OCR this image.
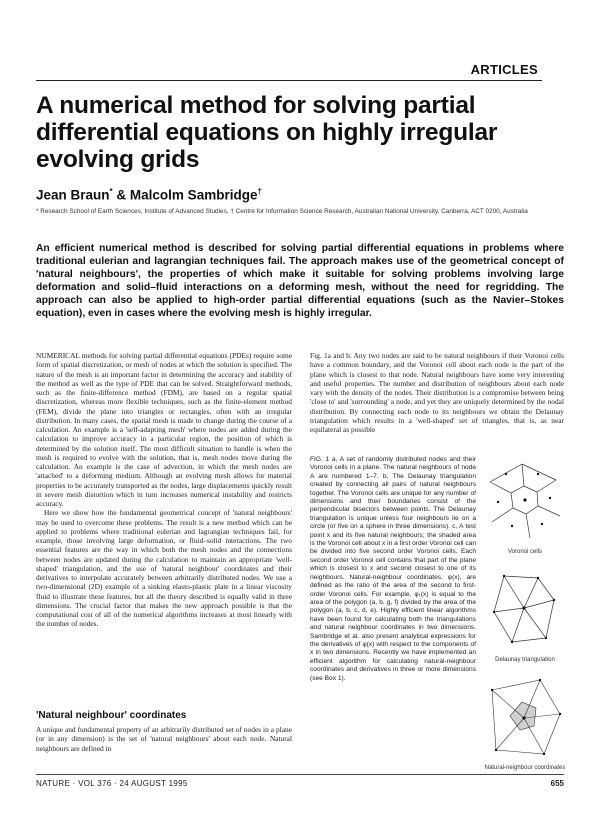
ARTICLES
A numerical method for solving partial differential equations on highly irregular evolving grids
Jean Braun* & Malcolm Sambridge†
* Research School of Earth Sciences, Institute of Advanced Studies, † Centre for Information Science Research, Australian National University, Canberra, ACT 0200, Australia

An efficient numerical method is described for solving partial differential equations in problems where traditional eulerian and lagrangian techniques fail. The approach makes use of the geometrical concept of 'natural neighbours', the properties of which make it suitable for solving problems involving large deformation and solid–fluid interactions on a deforming mesh, without the need for regridding. The approach can also be applied to high-order partial differential equations (such as the Navier–Stokes equation), even in cases where the evolving mesh is highly irregular.

NUMERICAL methods for solving partial differential equations (PDEs) require some form of spatial discretization, or mesh of nodes at which the solution is specified. The nature of the mesh is an important factor in determining the accuracy and stability of the method as well as the type of PDE that can be solved. Straightforward methods, such as the finite-difference method (FDM), are based on a regular spatial discretization, whereas more flexible techniques, such as the finite-element method (FEM), divide the plane into triangles or rectangles, often with an irregular distribution. In many cases, the spatial mesh is made to change during the course of a calculation. An example is a 'self-adapting mesh' where nodes are added during the calculation to improve accuracy in a particular region, the position of which is determined by the solution itself. The most difficult situation to handle is when the mesh is required to evolve with the solution, that is, mesh nodes move during the calculation. An example is the case of advection, in which the mesh nodes are 'attached' to a deforming medium. Although an evolving mesh allows for material properties to be accurately transported as the nodes, large displacements quickly result in severe mesh distortion which in turn increases numerical instability and restricts accuracy.

Here we show how the fundamental geometrical concept of 'natural neighbours' may be used to overcome these problems. The result is a new method which can be applied to problems where traditional eulerian and lagrangian techniques fail, for example, those involving large deformation, or fluid–solid interactions. The two essential features are the way in which both the mesh nodes and the connections between nodes are updated during the calculation to maintain an appropriate 'well-shaped' triangulation, and the use of 'natural neighbour' coordinates and their derivatives to interpolate accurately between arbitrarily distributed nodes. We use a two-dimensional (2D) example of a sinking elasto-plastic plate in a linear viscosity fluid to illustrate these features, but all the theory described is equally valid in three dimensions. The crucial factor that makes the new approach possible is that the computational cost of all of the numerical algorithms increases at most linearly with the number of nodes.

'Natural neighbour' coordinates

A unique and fundamental property of an arbitrarily distributed set of nodes in a plane (or in any dimension) is the set of 'natural neighbours' about each node. Natural neighbours are defined in

Fig. 1a and b. Any two nodes are said to be natural neighbours if their Voronoi cells have a common boundary, and the Voronoi cell about each node is the part of the plane which is closest to that node. Natural neighbours have some very interesting and useful properties. The number and distribution of neighbours about each node vary with the density of the nodes. Their distribution is a compromise between being 'close to' and 'surrounding' a node, and yet they are uniquely determined by the nodal distribution. By connecting each node to its neighbours we obtain the Delaunay triangulation which results in a 'well-shaped' set of triangles, that is, as near equilateral as possible

FIG. 1 a, A set of randomly distributed nodes and their Voronoi cells in a plane. The natural neighbours of node A are numbered 1–7. b, The Delaunay triangulation created by connecting all pairs of natural neighbours together. The Voronoi cells are unique for any number of dimensions and their boundaries consist of the perpendicular bisectors between points. The Delaunay triangulation is unique unless four neighbours lie on a circle (or five on a sphere in three dimensions). c, A test point x and its five natural neighbours; the shaded area is the Voronoi cell about x in a first order Voronoi cell can be divided into five second order Voronoi cells. Each second order Voronoi cell contains that part of the plane which is closest to x and second closest to one of its neighbours. Natural-neighbour coordinates, φ(x), are defined as the ratio of the area of the second to first-order Voronoi cells. For example, φ₁(x) is equal to the area of the polygon (a, b, g, f) divided by the area of the polygon (a, b, c, d, e). Highly efficient linear algorithms have been found for calculating both the triangulations and natural neighbour coordinates in two dimensions. Sambridge et al. also present analytical expressions for the derivatives of φ(x) with respect to the components of x in two dimensions. Recently we have implemented an efficient algorithm for calculating natural-neighbour coordinates and derivatives in three or more dimensions (see Box 1).

Voronoi cells
Delaunay triangulation
Natural-neighbour coordinates
NATURE · VOL 376 · 24 AUGUST 1995	655
